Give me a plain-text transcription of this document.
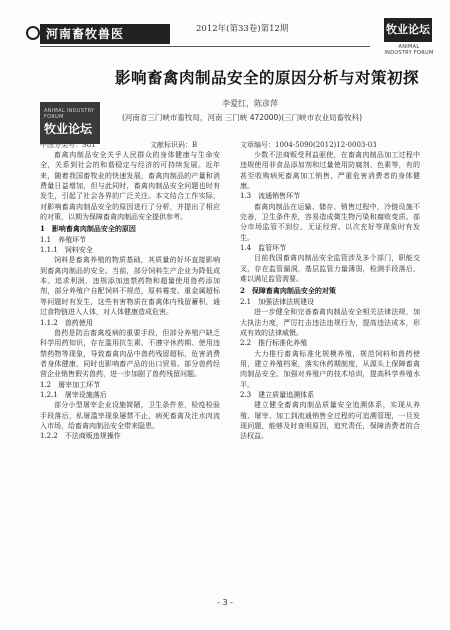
河南畜牧兽医	2012年(第33卷)第12期	牧业论坛
ANIMAL INDUSTRY FORUM
ANIMAL INDUSTRY FORUM
牧业论坛
影响畜禽肉制品安全的原因分析与对策初探
李爱红，陈彦萍
(河南省三门峡市畜牧局，河南 三门峡 472000)(三门峡市农业局畜牧科)
中图分类号：S81	文献标识码：B	文章编号：1004-5090(2012)12-0003-03

畜禽肉制品安全关乎人民群众的身体健康与生命安全，关系到社会的和谐稳定与经济的可持续发展。近年来，随着我国畜牧业的快速发展，畜禽肉制品的产量和消费量日益增加，但与此同时，畜禽肉制品安全问题也时有发生，引起了社会各界的广泛关注。本文结合工作实际，对影响畜禽肉制品安全的原因进行了分析，并提出了相应的对策，以期为保障畜禽肉制品安全提供参考。

1　影响畜禽肉制品安全的原因

1.1　养殖环节

1.1.1　饲料安全

饲料是畜禽养殖的物质基础，其质量的好坏直接影响到畜禽肉制品的安全。当前，部分饲料生产企业为降低成本、追求利润，违规添加违禁药物和超量使用兽药添加剂，部分养殖户自配饲料不规范，原料霉变、重金属超标等问题时有发生，这些有害物质在畜禽体内残留蓄积，通过食物链进入人体，对人体健康造成危害。

1.1.2　兽药使用

兽药是防治畜禽疫病的重要手段，但部分养殖户缺乏科学用药知识，存在滥用抗生素、不遵守休药期、使用违禁药物等现象，导致畜禽肉品中兽药残留超标，危害消费者身体健康，同时也影响畜产品的出口贸易。部分兽药经营企业销售假劣兽药，进一步加剧了兽药残留问题。

1.2　屠宰加工环节

1.2.1　屠宰设施落后

部分小型屠宰企业设施简陋，卫生条件差，检疫检验手段落后，私屠滥宰现象屡禁不止，病死畜禽及注水肉流入市场，给畜禽肉制品安全带来隐患。

1.2.2　不法商贩违规操作

少数不法商贩受利益驱使，在畜禽肉制品加工过程中违规使用非食品添加剂和过量使用防腐剂、色素等，有的甚至收购病死畜禽加工销售，严重危害消费者的身体健康。

1.3　流通销售环节

畜禽肉制品在运输、储存、销售过程中，冷链设施不完善，卫生条件差，容易造成微生物污染和腐败变质。部分市场监管不到位，无证经营、以次充好等现象时有发生。

1.4　监管环节

目前我国畜禽肉制品安全监管涉及多个部门，职能交叉，存在监管漏洞，基层监管力量薄弱，检测手段落后，难以满足监管需要。

2　保障畜禽肉制品安全的对策

2.1　加强法律法规建设

进一步健全和完善畜禽肉制品安全相关法律法规，加大执法力度，严厉打击违法违规行为，提高违法成本，形成有效的法律威慑。

2.2　推行标准化养殖

大力推行畜禽标准化规模养殖，规范饲料和兽药使用，建立养殖档案，落实休药期制度，从源头上保障畜禽肉制品安全。加强对养殖户的技术培训，提高科学养殖水平。

2.3　建立质量追溯体系

建立健全畜禽肉制品质量安全追溯体系，实现从养殖、屠宰、加工到流通销售全过程的可追溯管理，一旦发现问题，能够及时查明原因，追究责任，保障消费者的合法权益。

- 3 -
